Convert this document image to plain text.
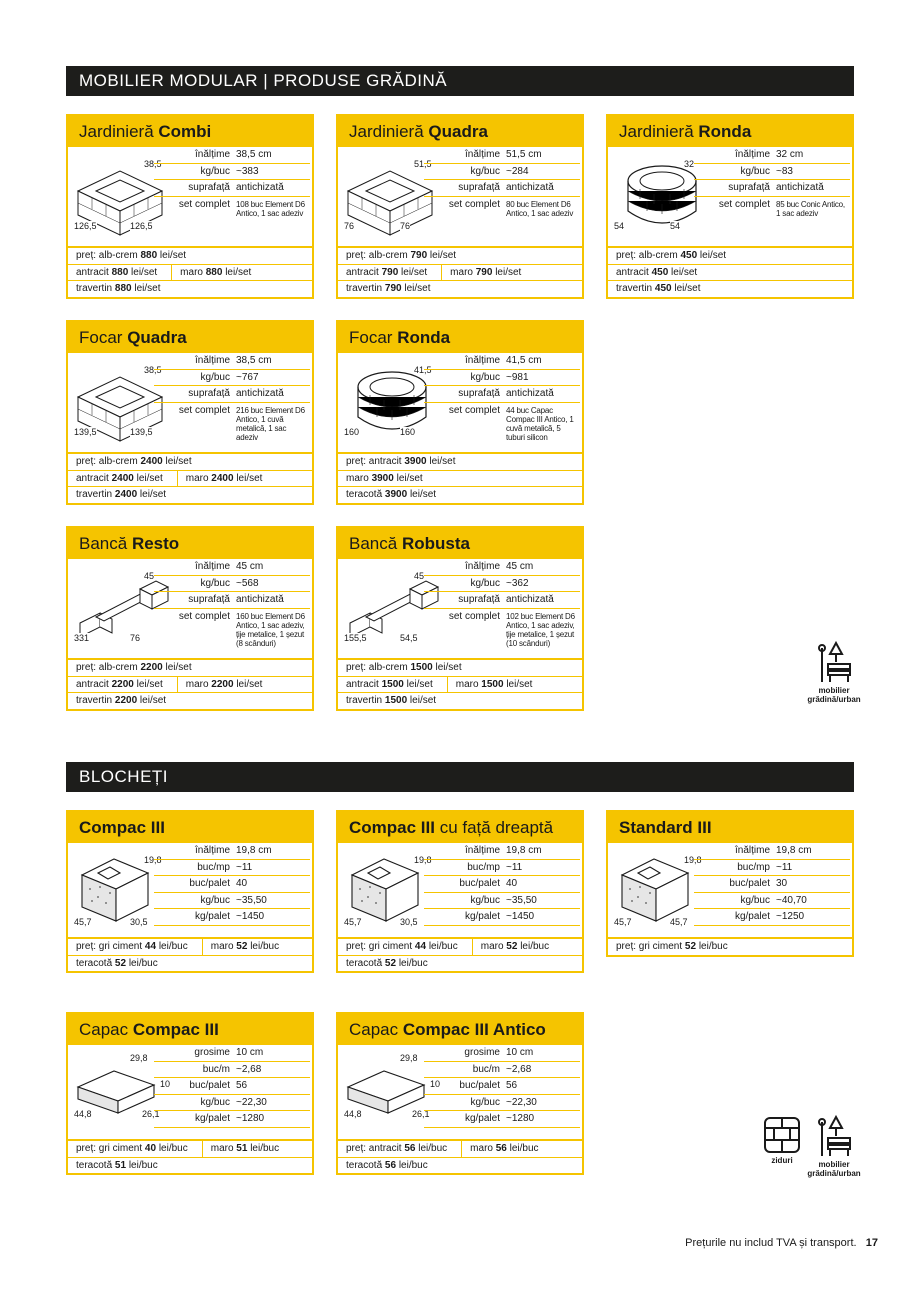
MOBILIER MODULAR | PRODUSE GRĂDINĂ
BLOCHEȚI
Jardinieră Combi
38,5
126,5	126,5
înălțime 38,5 cm
kg/buc ~383
suprafață antichizată
set complet 108 buc Element D6 Antico, 1 sac adeziv
preț: alb-crem 880 lei/set
antracit 880 lei/set	maro 880 lei/set
travertin 880 lei/set
Jardinieră Quadra
51,5
76	76
înălțime 51,5 cm
kg/buc ~284
suprafață antichizată
set complet 80 buc Element D6 Antico, 1 sac adeziv
preț: alb-crem 790 lei/set
antracit 790 lei/set	maro 790 lei/set
travertin 790 lei/set
Jardinieră Ronda
32
54	54
înălțime 32 cm
kg/buc ~83
suprafață antichizată
set complet 85 buc Conic Antico, 1 sac adeziv
preț: alb-crem 450 lei/set
antracit 450 lei/set
travertin 450 lei/set
Focar Quadra
38,5
139,5	139,5
înălțime 38,5 cm
kg/buc ~767
suprafață antichizată
set complet 216 buc Element D6 Antico, 1 cuvă metalică, 1 sac adeziv
preț: alb-crem 2400 lei/set
antracit 2400 lei/set	maro 2400 lei/set
travertin 2400 lei/set
Focar Ronda
41,5
160	160
înălțime 41,5 cm
kg/buc ~981
suprafață antichizată
set complet 44 buc Capac Compac III Antico, 1 cuvă metalică, 5 tuburi silicon
preț: antracit 3900 lei/set
maro 3900 lei/set
teracotă 3900 lei/set
Bancă Resto
45
331	76
înălțime 45 cm
kg/buc ~568
suprafață antichizată
set complet 160 buc Element D6 Antico, 1 sac adeziv, țije metalice, 1 șezut (8 scânduri)
preț: alb-crem 2200 lei/set
antracit 2200 lei/set	maro 2200 lei/set
travertin 2200 lei/set
Bancă Robusta
45
155,5	54,5
înălțime 45 cm
kg/buc ~362
suprafață antichizată
set complet 102 buc Element D6 Antico, 1 sac adeziv, țije metalice, 1 șezut (10 scânduri)
preț: alb-crem 1500 lei/set
antracit 1500 lei/set	maro 1500 lei/set
travertin 1500 lei/set
Compac III
19,8
45,7	30,5
înălțime 19,8 cm
buc/mp ~11
buc/palet 40
kg/buc ~35,50
kg/palet ~1450
preț: gri ciment 44 lei/buc	maro 52 lei/buc
teracotă 52 lei/buc
Compac III cu față dreaptă
19,8
45,7	30,5
înălțime 19,8 cm
buc/mp ~11
buc/palet 40
kg/buc ~35,50
kg/palet ~1450
preț: gri ciment 44 lei/buc	maro 52 lei/buc
teracotă 52 lei/buc
Standard III
19,8
45,7	45,7
înălțime 19,8 cm
buc/mp ~11
buc/palet 30
kg/buc ~40,70
kg/palet ~1250
preț: gri ciment 52 lei/buc
Capac Compac III
29,8
10
44,8	26,1
grosime 10 cm
buc/m ~2,68
buc/palet 56
kg/buc ~22,30
kg/palet ~1280
preț: gri ciment 40 lei/buc	maro 51 lei/buc
teracotă 51 lei/buc
Capac Compac III Antico
29,8
10
44,8	26,1
grosime 10 cm
buc/m ~2,68
buc/palet 56
kg/buc ~22,30
kg/palet ~1280
preț: antracit 56 lei/buc	maro 56 lei/buc
teracotă 56 lei/buc
mobilier grădină/urban
ziduri	mobilier grădină/urban
Prețurile nu includ TVA și transport. 17
